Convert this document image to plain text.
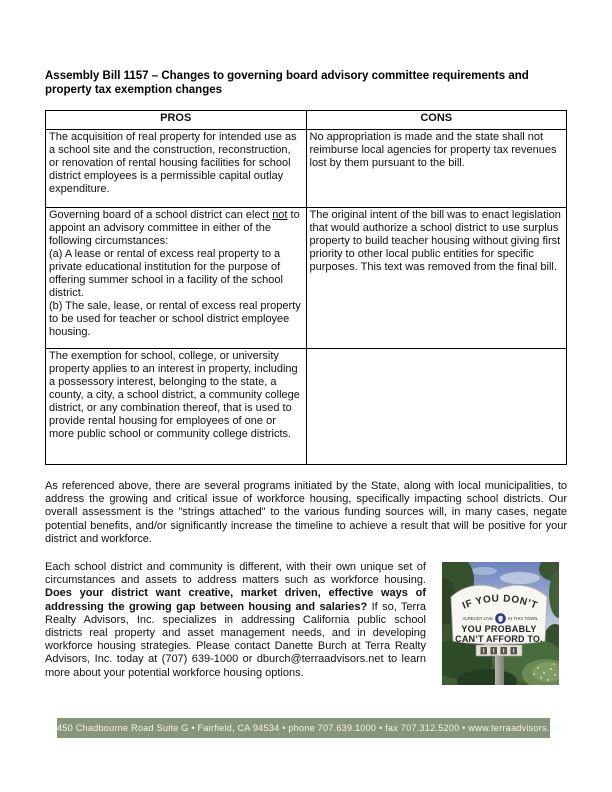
Assembly Bill 1157 – Changes to governing board advisory committee requirements and property tax exemption changes
PROS	CONS
The acquisition of real property for intended use as a school site and the construction, reconstruction, or renovation of rental housing facilities for school district employees is a permissible capital outlay expenditure.	No appropriation is made and the state shall not reimburse local agencies for property tax revenues lost by them pursuant to the bill.
Governing board of a school district can elect not to appoint an advisory committee in either of the following circumstances:
(a) A lease or rental of excess real property to a private educational institution for the purpose of offering summer school in a facility of the school district.
(b) The sale, lease, or rental of excess real property to be used for teacher or school district employee housing.
	The original intent of the bill was to enact legislation that would authorize a school district to use surplus property to build teacher housing without giving first priority to other local public entities for specific purposes. This text was removed from the final bill.
The exemption for school, college, or university property applies to an interest in property, including a possessory interest, belonging to the state, a county, a city, a school district, a community college district, or any combination thereof, that is used to provide rental housing for employees of one or more public school or community college districts.	

As referenced above, there are several programs initiated by the State, along with local municipalities, to address the growing and critical issue of workforce housing, specifically impacting school districts. Our overall assessment is the "strings attached" to the various funding sources will, in many cases, negate potential benefits, and/or significantly increase the timeline to achieve a result that will be positive for your district and workforce.

IF YOU DON’T
ALREADY LIVE	IN THIS TOWN,
YOU PROBABLY
CAN’T AFFORD TO.
Each school district and community is different, with their own unique set of circumstances and assets to address matters such as workforce housing. Does your district want creative, market driven, effective ways of addressing the growing gap between housing and salaries? If so, Terra Realty Advisors, Inc. specializes in addressing California public school districts real property and asset management needs, and in developing workforce housing strategies. Please contact Danette Burch at Terra Realty Advisors, Inc. today at (707) 639-1000 or dburch@terraadvisors.net to learn more about your potential workforce housing options.
450 Chadbourne Road Suite G • Fairfield, CA 94534 • phone 707.639.1000 • fax 707.312.5200 • www.terraadvisors.net
